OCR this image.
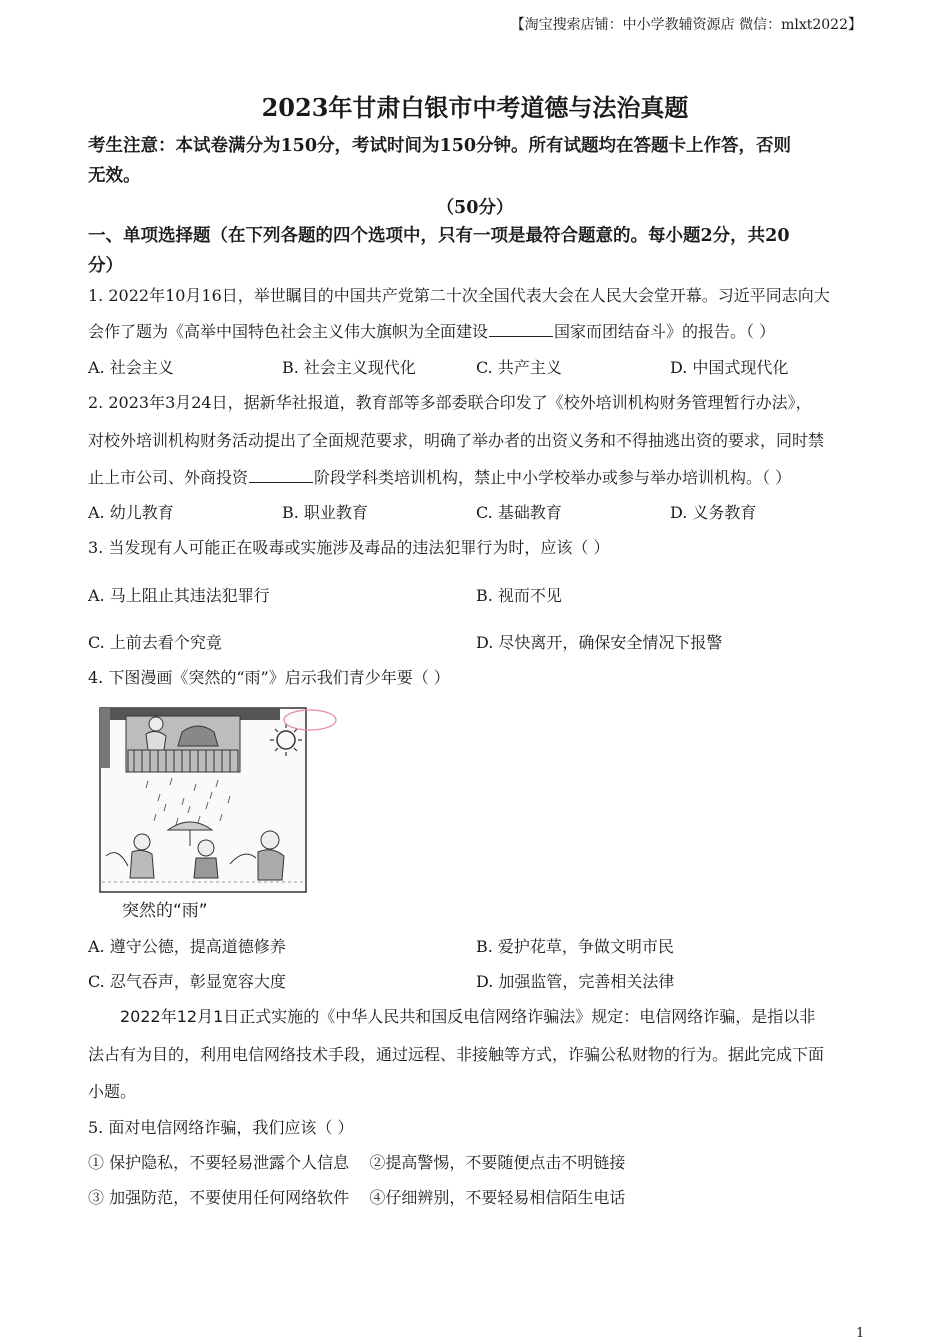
【淘宝搜索店铺：中小学教辅资源店 微信：mlxt2022】
2023年甘肃白银市中考道德与法治真题
考生注意：本试卷满分为150分，考试时间为150分钟。所有试题均在答题卡上作答，否则
无效。
（50分）
一、单项选择题（在下列各题的四个选项中，只有一项是最符合题意的。每小题2分，共20
分）
1. 2022年10月16日，举世瞩目的中国共产党第二十次全国代表大会在人民大会堂开幕。习近平同志向大
会作了题为《高举中国特色社会主义伟大旗帜为全面建设	国家而团结奋斗》的报告。（ ）
A. 社会主义	B. 社会主义现代化	C. 共产主义	D. 中国式现代化
2. 2023年3月24日，据新华社报道，教育部等多部委联合印发了《校外培训机构财务管理暂行办法》，
对校外培训机构财务活动提出了全面规范要求，明确了举办者的出资义务和不得抽逃出资的要求，同时禁
止上市公司、外商投资	阶段学科类培训机构，禁止中小学校举办或参与举办培训机构。（ ）
A. 幼儿教育	B. 职业教育	C. 基础教育	D. 义务教育
3. 当发现有人可能正在吸毒或实施涉及毒品的违法犯罪行为时，应该（ ）
A. 马上阻止其违法犯罪行	B. 视而不见
C. 上前去看个究竟	D. 尽快离开，确保安全情况下报警
4. 下图漫画《突然的“雨”》启示我们青少年要（ ）
突然的“雨”
A. 遵守公德，提高道德修养	B. 爱护花草，争做文明市民
C. 忍气吞声，彰显宽容大度	D. 加强监管，完善相关法律
2022年12月1日正式实施的《中华人民共和国反电信网络诈骗法》规定：电信网络诈骗，是指以非
法占有为目的，利用电信网络技术手段，通过远程、非接触等方式，诈骗公私财物的行为。据此完成下面
小题。
5. 面对电信网络诈骗，我们应该（ ）
① 保护隐私，不要轻易泄露个人信息    ②提高警惕，不要随便点击不明链接
③ 加强防范，不要使用任何网络软件    ④仔细辨别，不要轻易相信陌生电话
1
